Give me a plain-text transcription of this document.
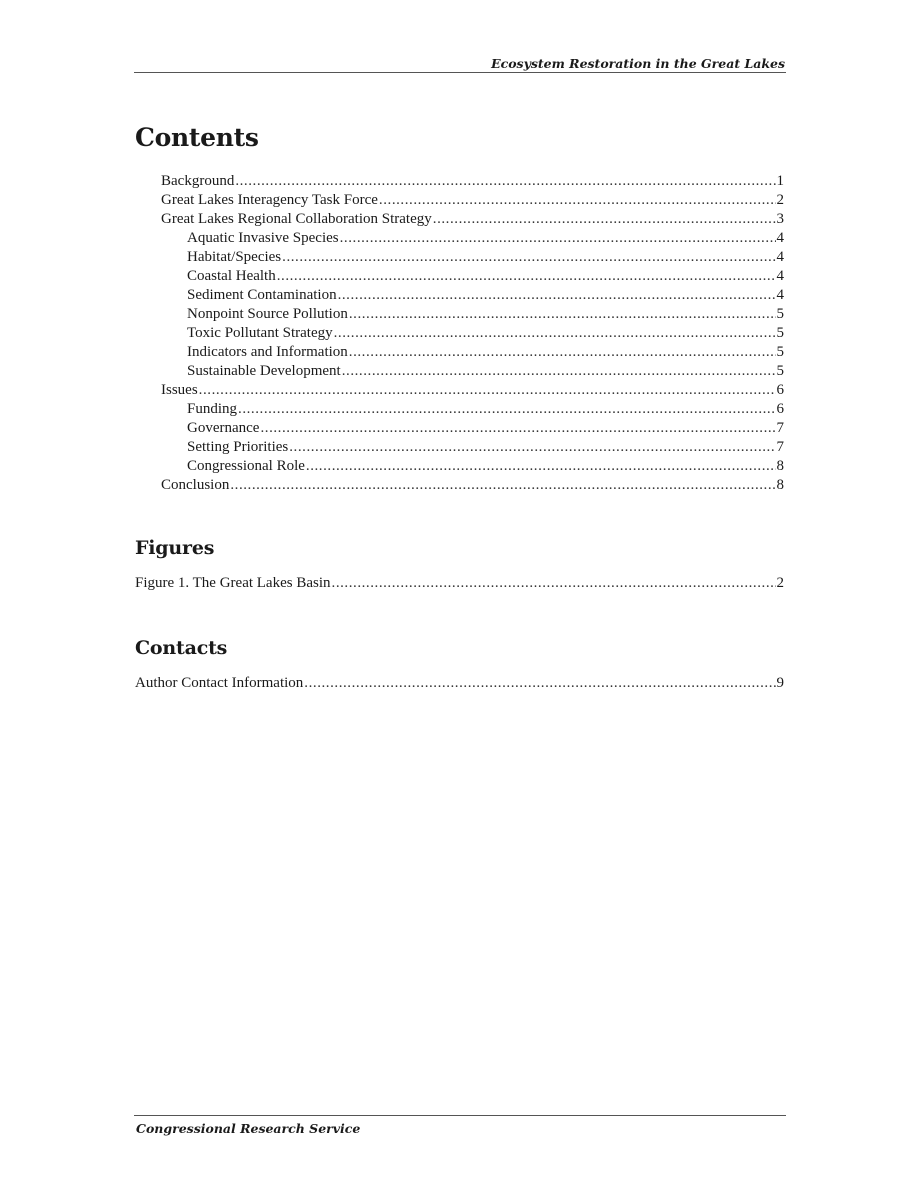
Ecosystem Restoration in the Great Lakes
Contents
Background . . .	1
Great Lakes Interagency Task Force . . .	2
Great Lakes Regional Collaboration Strategy . . .	3
Aquatic Invasive Species . . .	4
Habitat/Species . . .	4
Coastal Health . . .	4
Sediment Contamination . . .	4
Nonpoint Source Pollution . . .	5
Toxic Pollutant Strategy . . .	5
Indicators and Information . . .	5
Sustainable Development . . .	5
Issues . . .	6
Funding . . .	6
Governance . . .	7
Setting Priorities . . .	7
Congressional Role . . .	8
Conclusion . . .	8
Figures
Figure 1. The Great Lakes Basin . . .	2
Contacts
Author Contact Information . . .	9
Congressional Research Service
